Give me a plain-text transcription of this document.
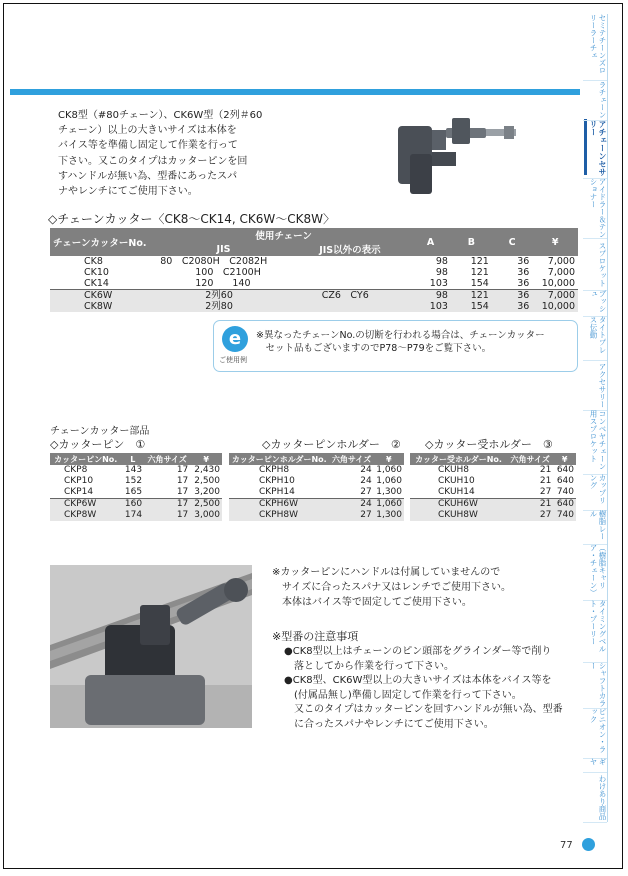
セミテチーンズロリーラーチェ
ラチェーン
アチェーンセサリー
アイドラー＆テンショナー
スプロケット
ブッシュ
タイトプレス伝動
アクセサリー
コンベヤチェーン用スプロケット
カップリング
樹脂レール
（樹脂キャリア・チェーン）
タイミングベルト・プーリー
シャフトカラー
ピニオン・ラック
ギヤ
わけあり商品
CK8型（#80チェーン）、CK6W型（2列＃60
チェーン）以上の大きいサイズは本体を
バイス等を準備し固定して作業を行って
下さい。又このタイプはカッターピンを回
すハンドルが無い為、型番にあったスパ
ナやレンチにてご使用下さい。
◇チェーンカッター〈CK8～CK14, CK6W～CK8W〉
チェーンカッターNo.	使用チェーン		A	B	C	¥
	JIS	JIS以外の表示				
CK8	80　C2080H　C2082H		98	121	36	7,000
CK10	100　C2100H		98	121	36	7,000
CK14	120　　140		103	154	36	10,000
CK6W	2列60	CZ6　CY6	98	121	36	7,000
CK8W	2列80		103	154	36	10,000
e
ご使用例
※異なったチェーンNo.の切断を行われる場合は、チェーンカッター
　セット品もございますのでP78～P79をご覧下さい。
チェーンカッター部品
◇カッターピン　①	◇カッターピンホルダー　② ◇カッター受ホルダー　③
カッターピンNo.	L	六角サイズ	¥
CKP8	143	17	2,430
CKP10	152	17	2,500
CKP14	165	17	3,200
CKP6W	160	17	2,500
CKP8W	174	17	3,000
カッターピンホルダーNo.	六角サイズ	¥
CKPH8	24	1,060
CKPH10	24	1,060
CKPH14	27	1,300
CKPH6W	24	1,060
CKPH8W	27	1,300
カッター受ホルダーNo.	六角サイズ	¥
CKUH8	21	640
CKUH10	21	640
CKUH14	27	740
CKUH6W	21	640
CKUH8W	27	740
※カッターピンにハンドルは付属していませんので
　サイズに合ったスパナ又はレンチでご使用下さい。
　本体はバイス等で固定してご使用下さい。
※型番の注意事項
●CK8型以上はチェーンのピン頭部をグラインダー等で削り
　落としてから作業を行って下さい。
●CK8型、CK6W型以上の大きいサイズは本体をバイス等を
　(付属品無し)準備し固定して作業を行って下さい。
　又このタイプはカッターピンを回すハンドルが無い為、型番
　に合ったスパナやレンチにてご使用下さい。
77
